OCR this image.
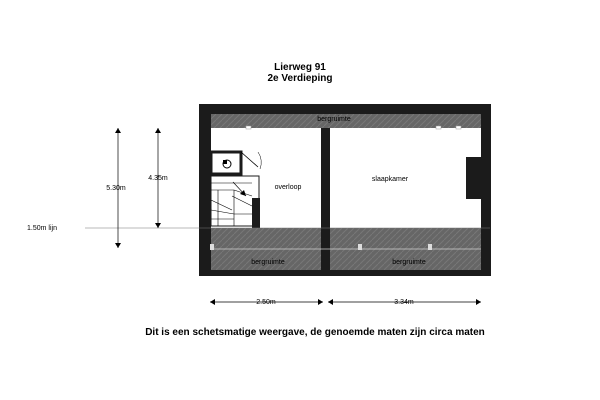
Lierweg 91
2e Verdieping
bergruimte
overloop
slaapkamer
bergruimte	bergruimte
1.50m lijn
5.30m
4.35m
2.50m	3.34m
Dit is een schetsmatige weergave, de genoemde maten zijn circa maten
